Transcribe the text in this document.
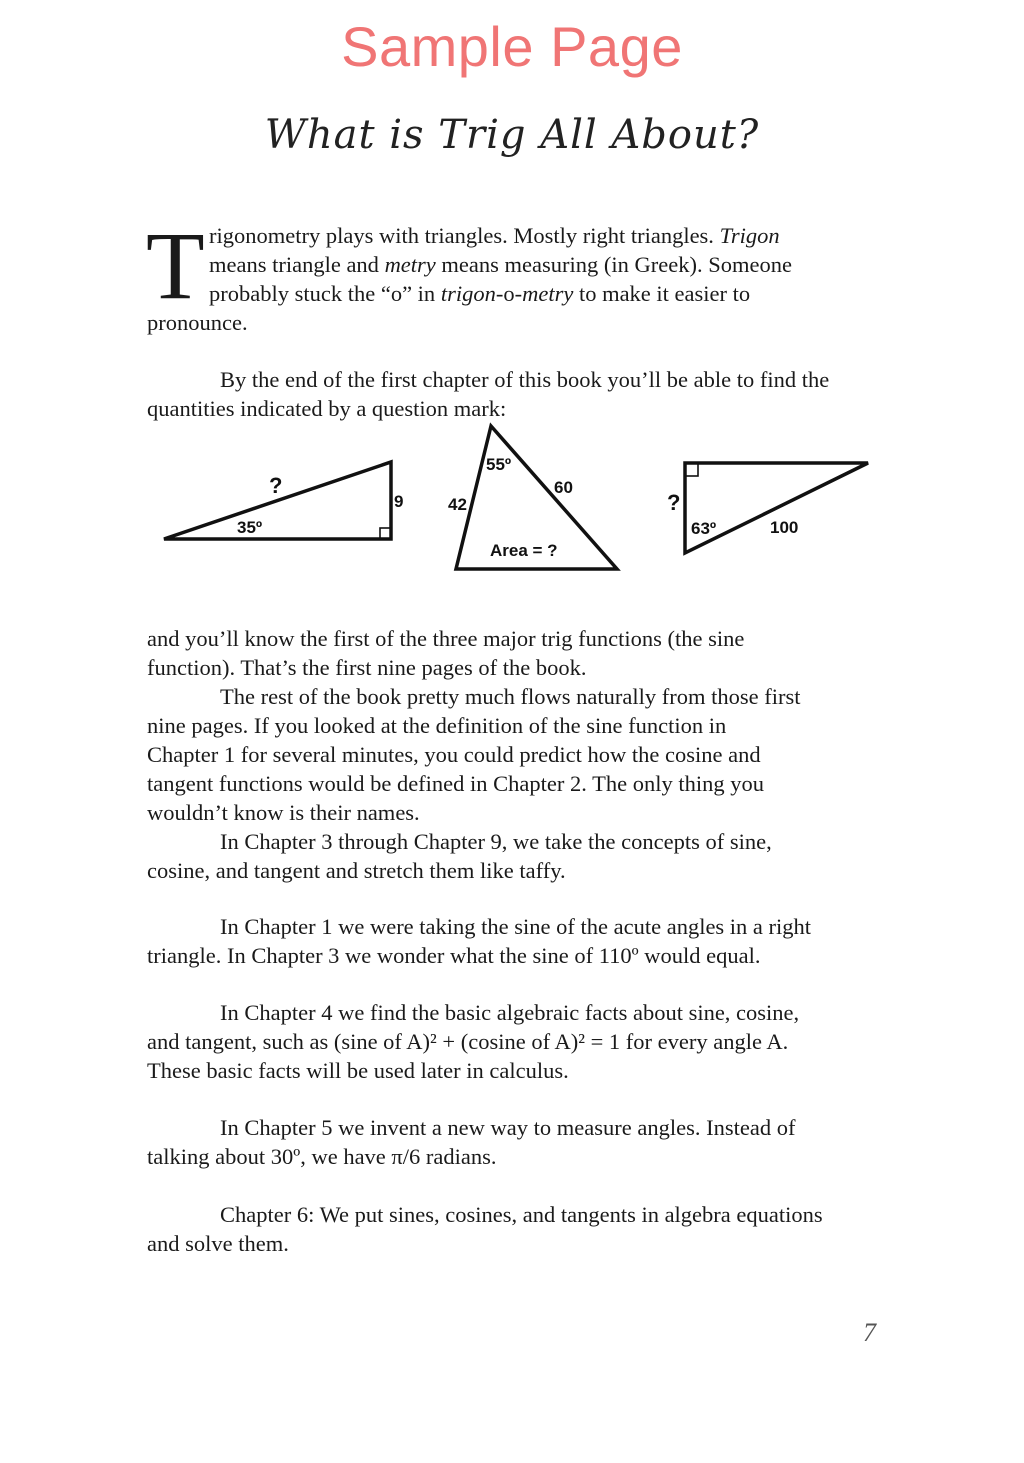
Sample Page
What is Trig All About?
T rigonometry plays with triangles. Mostly right triangles. Trigon
means triangle and metry means measuring (in Greek). Someone
probably stuck the “o” in trigon-o-metry to make it easier to
pronounce.
By the end of the first chapter of this book you’ll be able to find the
quantities indicated by a question mark:
?
35º
9
55º
42
60
Area = ?
?
63º	100
and you’ll know the first of the three major trig functions (the sine
function). That’s the first nine pages of the book.
The rest of the book pretty much flows naturally from those first
nine pages. If you looked at the definition of the sine function in
Chapter 1 for several minutes, you could predict how the cosine and
tangent functions would be defined in Chapter 2. The only thing you
wouldn’t know is their names.
In Chapter 3 through Chapter 9, we take the concepts of sine,
cosine, and tangent and stretch them like taffy.
In Chapter 1 we were taking the sine of the acute angles in a right
triangle. In Chapter 3 we wonder what the sine of 110º would equal.
In Chapter 4 we find the basic algebraic facts about sine, cosine,
and tangent, such as (sine of A)² + (cosine of A)² = 1 for every angle A.
These basic facts will be used later in calculus.
In Chapter 5 we invent a new way to measure angles. Instead of
talking about 30º, we have π/6 radians.
Chapter 6: We put sines, cosines, and tangents in algebra equations
and solve them.
7
